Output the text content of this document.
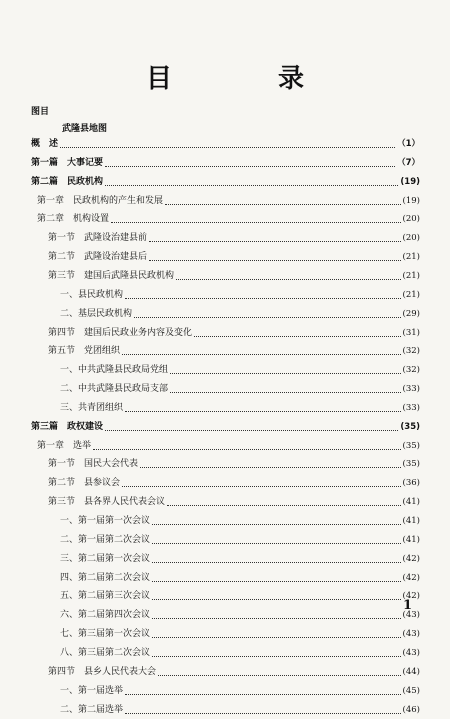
目　录
图目
武隆县地图
概　述	（1）
第一篇　大事记要	（7）
第二篇　民政机构	(19)
第一章　民政机构的产生和发展	(19)
第二章　机构设置	(20)
第一节　武隆设治建县前	(20)
第二节　武隆设治建县后	(21)
第三节　建国后武隆县民政机构	(21)
一、县民政机构	(21)
二、基层民政机构	(29)
第四节　建国后民政业务内容及变化	(31)
第五节　党团组织	(32)
一、中共武隆县民政局党组	(32)
二、中共武隆县民政局支部	(33)
三、共青团组织	(33)
第三篇　政权建设	(35)
第一章　选举	(35)
第一节　国民大会代表	(35)
第二节　县参议会	(36)
第三节　县各界人民代表会议	(41)
一、第一届第一次会议	(41)
二、第一届第二次会议	(41)
三、第二届第一次会议	(42)
四、第二届第二次会议	(42)
五、第二届第三次会议	(42)
六、第二届第四次会议	(43)
七、第三届第一次会议	(43)
八、第三届第二次会议	(43)
第四节　县乡人民代表大会	(44)
一、第一届选举	(45)
二、第二届选举	(46)
1
